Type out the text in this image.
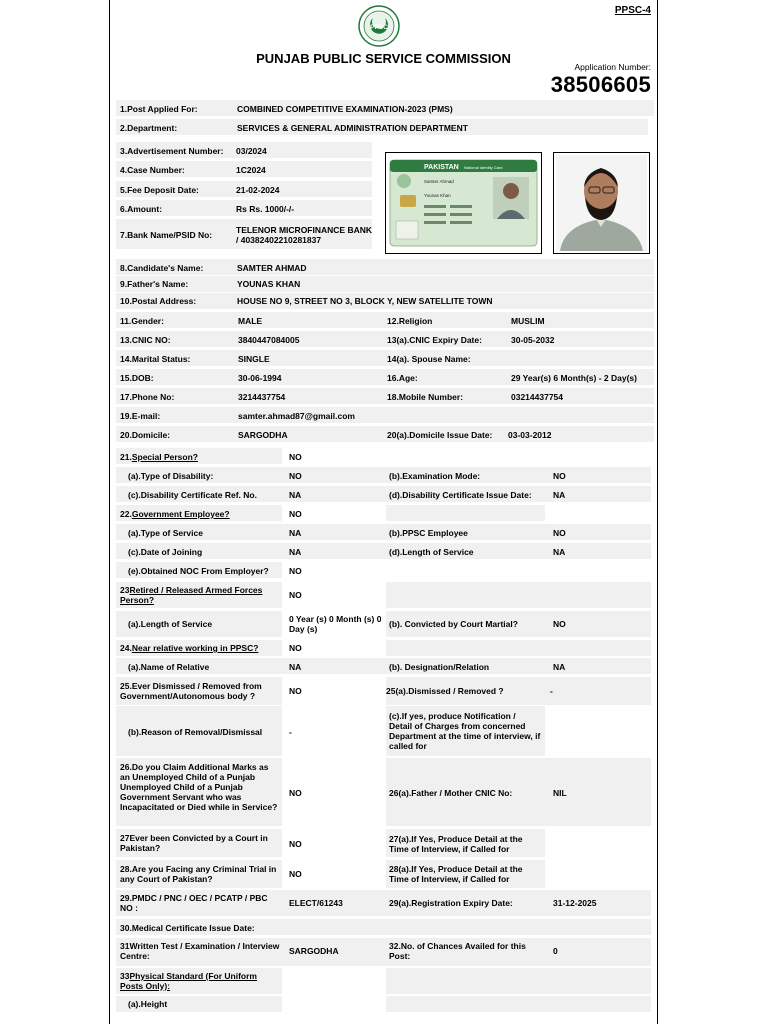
PPSC-4
PPSC
PUNJAB PUBLIC SERVICE COMMISSION
Application Number:
38506605
PAKISTAN National Identity Card
Samter Ahmad
Younas Khan
1.Post Applied For:	COMBINED COMPETITIVE EXAMINATION-2023 (PMS)
2.Department:	SERVICES & GENERAL ADMINISTRATION DEPARTMENT
3.Advertisement Number: 03/2024
4.Case Number:	1C2024
5.Fee Deposit Date:	21-02-2024
6.Amount:	Rs Rs. 1000/-/-
7.Bank Name/PSID No:	TELENOR MICROFINANCE BANK / 40382402210281837
8.Candidate's Name:	SAMTER AHMAD
9.Father's Name:	YOUNAS KHAN
10.Postal Address:	HOUSE NO 9, STREET NO 3, BLOCK Y, NEW SATELLITE TOWN
11.Gender:	MALE	12.Religion	MUSLIM
13.CNIC NO:	3840447084005	13(a).CNIC Expiry Date:	30-05-2032
14.Marital Status:	SINGLE	14(a). Spouse Name:
15.DOB:	30-06-1994	16.Age:	29 Year(s) 6 Month(s) - 2 Day(s)
17.Phone No:	3214437754	18.Mobile Number:	03214437754
19.E-mail:	samter.ahmad87@gmail.com
20.Domicile:	SARGODHA	20(a).Domicile Issue Date: 03-03-2012
21.Special Person?	NO
(a).Type of Disability:	NO	(b).Examination Mode:	NO
(c).Disability Certificate Ref. No.	NA	(d).Disability Certificate Issue Date:	NA
22.Government Employee?	NO
(a).Type of Service	NA	(b).PPSC Employee	NO
(c).Date of Joining	NA	(d).Length of Service	NA
(e).Obtained NOC From Employer? NO
23Retired / Released Armed Forces Person?	NO
(a).Length of Service	0 Year (s) 0 Month (s) 0 Day (s)	(b). Convicted by Court Martial?	NO
24.Near relative working in PPSC?	NO
(a).Name of Relative	NA	(b). Designation/Relation	NA
25.Ever Dismissed / Removed from Government/Autonomous body ?	NO	25(a).Dismissed / Removed ?	-
(b).Reason of Removal/Dismissal	-
(c).If yes, produce Notification / Detail of Charges from concerned Department at the time of interview, if called for
26.Do you Claim Additional Marks as an Unemployed Child of a Punjab Unemployed Child of a Punjab Government Servant who was Incapacitated or Died while in Service?
NO	26(a).Father / Mother CNIC No:	NIL
27Ever been Convicted by a Court in Pakistan?	NO	27(a).If Yes, Produce Detail at the Time of Interview, if Called for
28.Are you Facing any Criminal Trial in any Court of Pakistan?	NO	28(a).If Yes, Produce Detail at the Time of Interview, if Called for
29.PMDC / PNC / OEC / PCATP / PBC NO :	ELECT/61243	29(a).Registration Expiry Date:	31-12-2025
30.Medical Certificate Issue Date:
31Written Test / Examination / Interview Centre:	SARGODHA	32.No. of Chances Availed for this Post:	0
33Physical Standard (For Uniform Posts Only):
(a).Height
